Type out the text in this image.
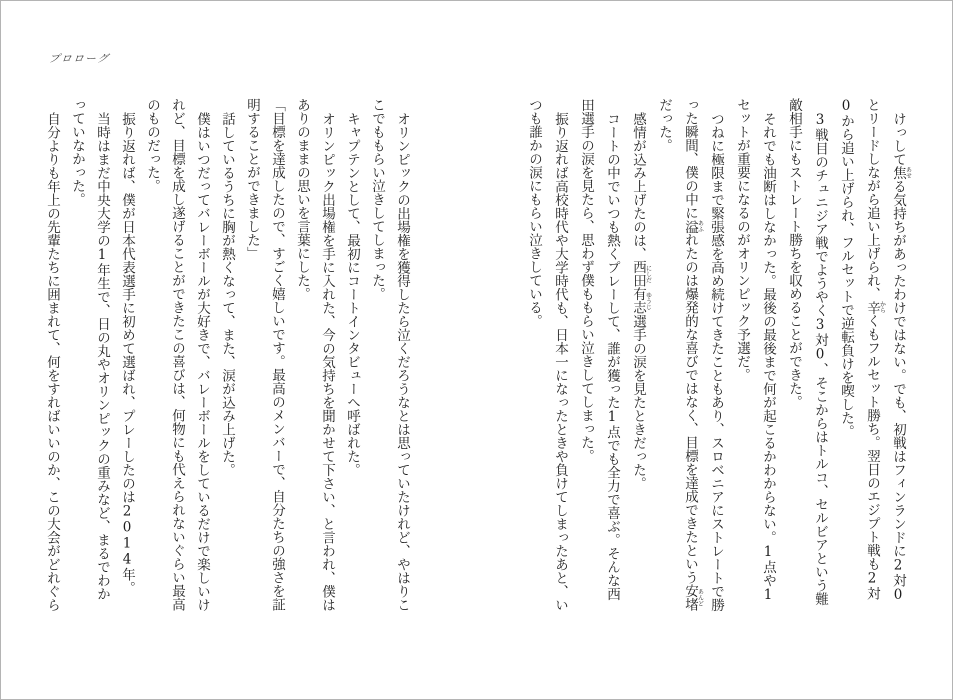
プロローグ

オリンピックの出場権を獲得したら泣くだろうなとは思っていたけれど、やはりここでももらい泣きしてしまった。

キャプテンとして、最初にコートインタビューへ呼ばれた。

オリンピック出場権を手に入れた、今の気持ちを聞かせて下さい、と言われ、僕はありのままの思いを言葉にした。

「目標を達成したので、すごく嬉しいです。最高のメンバーで、自分たちの強さを証明することができました」

話しているうちに胸が熱くなって、また、涙が込み上げた。

僕はいつだってバレーボールが大好きで、バレーボールをしているだけで楽しいけれど、目標を成し遂げることができたこの喜びは、何物にも代えられないぐらい最高のものだった。

振り返れば、僕が日本代表選手に初めて選ばれ、プレーしたのは2014年。

当時はまだ中央大学の1年生で、日の丸やオリンピックの重みなど、まるでわかっていなかった。

自分よりも年上の先輩たちに囲まれて、何をすればいいのか、この大会がどれぐら	けっして焦あせる気持ちがあったわけではない。でも、初戦はフィンランドに2対0とリードしながら追い上げられ、辛からくもフルセット勝ち。翌日のエジプト戦も2対0から追い上げられ、フルセットで逆転負けを喫した。

3戦目のチュニジア戦でようやく3対0、そこからはトルコ、セルビアという難敵相手にもストレート勝ちを収めることができた。

それでも油断はしなかった。最後の最後まで何が起こるかわからない。1点や1セットが重要になるのがオリンピック予選だ。

つねに極限まで緊張感を高め続けてきたこともあり、スロベニアにストレートで勝った瞬間、僕の中に溢あふれたのは爆発的な喜びではなく、目標を達成できたという安堵あんどだった。

感情が込み上げたのは、西田にしだ有志ゆうじ選手の涙を見たときだった。

コートの中でいつも熱くプレーして、誰が獲った1点でも全力で喜ぶ。そんな西田選手の涙を見たら、思わず僕ももらい泣きしてしまった。

振り返れば高校時代や大学時代も、日本一になったときや負けてしまったあと、いつも誰かの涙にもらい泣きしている。
